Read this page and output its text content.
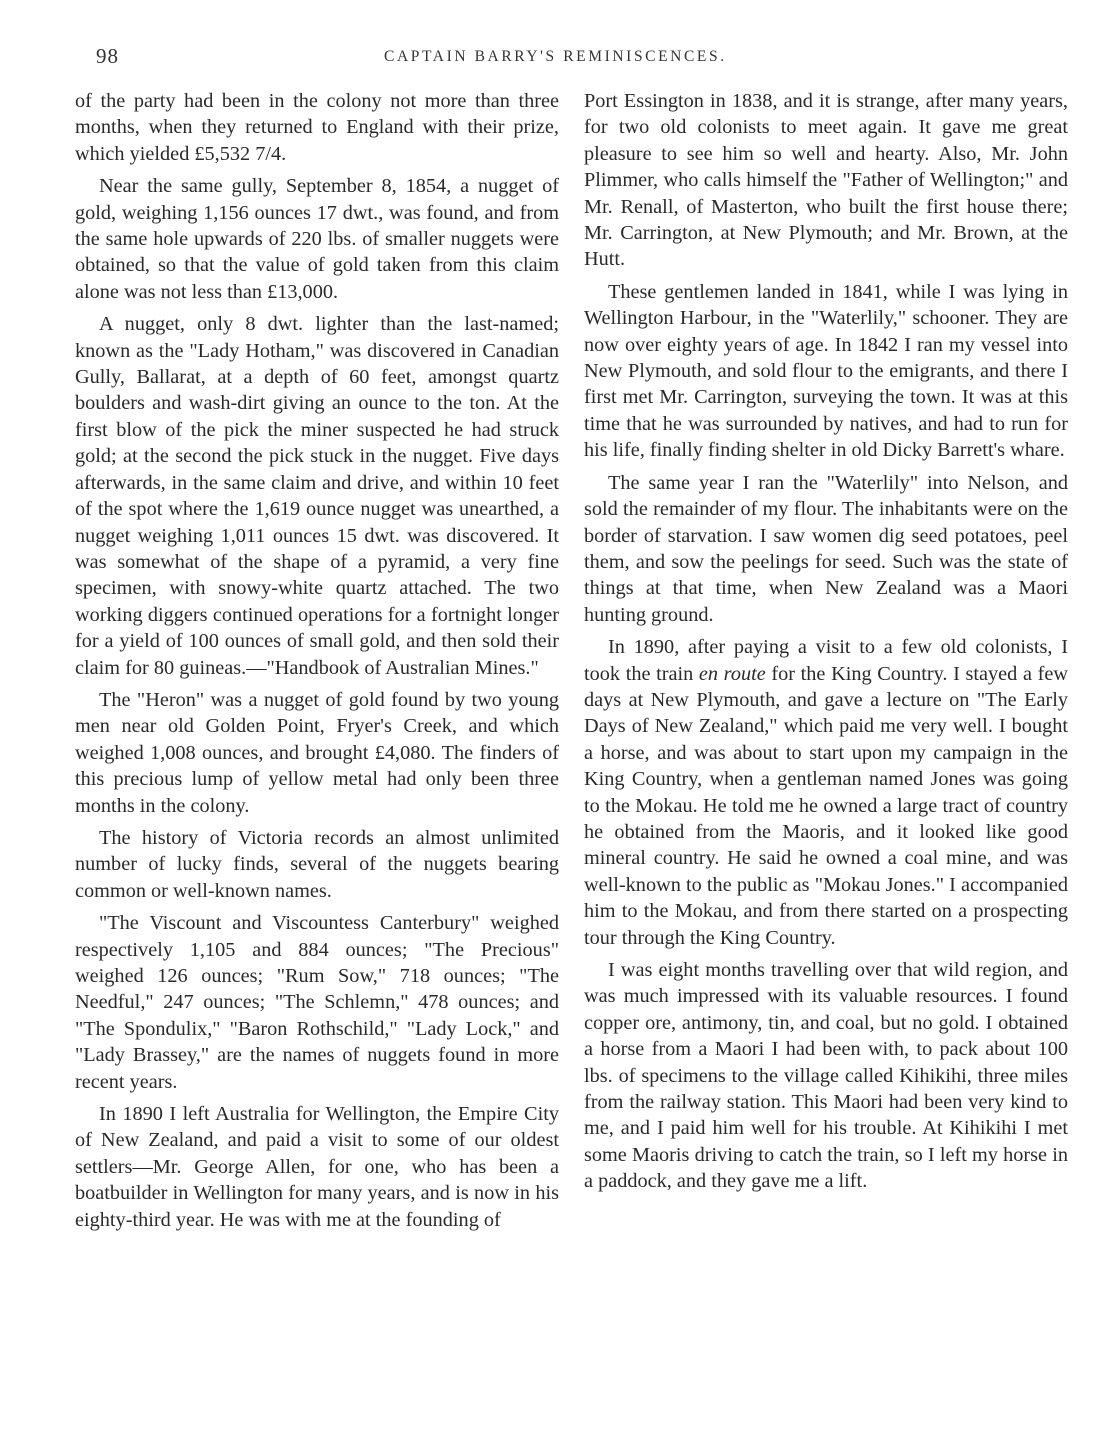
98	CAPTAIN BARRY'S REMINISCENCES.

of the party had been in the colony not more than three months, when they returned to England with their prize, which yielded £5,532 7/4.

Near the same gully, September 8, 1854, a nugget of gold, weighing 1,156 ounces 17 dwt., was found, and from the same hole upwards of 220 lbs. of smaller nuggets were obtained, so that the value of gold taken from this claim alone was not less than £13,000.

A nugget, only 8 dwt. lighter than the last-named; known as the "Lady Hotham," was discovered in Canadian Gully, Ballarat, at a depth of 60 feet, amongst quartz boulders and wash-dirt giving an ounce to the ton. At the first blow of the pick the miner suspected he had struck gold; at the second the pick stuck in the nugget. Five days afterwards, in the same claim and drive, and within 10 feet of the spot where the 1,619 ounce nugget was unearthed, a nugget weighing 1,011 ounces 15 dwt. was discovered. It was somewhat of the shape of a pyramid, a very fine specimen, with snowy-white quartz attached. The two working diggers continued operations for a fortnight longer for a yield of 100 ounces of small gold, and then sold their claim for 80 guineas.—"Handbook of Australian Mines."

The "Heron" was a nugget of gold found by two young men near old Golden Point, Fryer's Creek, and which weighed 1,008 ounces, and brought £4,080. The finders of this precious lump of yellow metal had only been three months in the colony.

The history of Victoria records an almost unlimited number of lucky finds, several of the nuggets bearing common or well-known names.

"The Viscount and Viscountess Canterbury" weighed respectively 1,105 and 884 ounces; "The Precious" weighed 126 ounces; "Rum Sow," 718 ounces; "The Needful," 247 ounces; "The Schlemn," 478 ounces; and "The Spondulix," "Baron Rothschild," "Lady Lock," and "Lady Brassey," are the names of nuggets found in more recent years.

In 1890 I left Australia for Wellington, the Empire City of New Zealand, and paid a visit to some of our oldest settlers—Mr. George Allen, for one, who has been a boatbuilder in Wellington for many years, and is now in his eighty-third year. He was with me at the founding of

Port Essington in 1838, and it is strange, after many years, for two old colonists to meet again. It gave me great pleasure to see him so well and hearty. Also, Mr. John Plimmer, who calls himself the "Father of Wellington;" and Mr. Renall, of Masterton, who built the first house there; Mr. Carrington, at New Plymouth; and Mr. Brown, at the Hutt.

These gentlemen landed in 1841, while I was lying in Wellington Harbour, in the "Waterlily," schooner. They are now over eighty years of age. In 1842 I ran my vessel into New Plymouth, and sold flour to the emigrants, and there I first met Mr. Carrington, surveying the town. It was at this time that he was surrounded by natives, and had to run for his life, finally finding shelter in old Dicky Barrett's whare.

The same year I ran the "Waterlily" into Nelson, and sold the remainder of my flour. The inhabitants were on the border of starvation. I saw women dig seed potatoes, peel them, and sow the peelings for seed. Such was the state of things at that time, when New Zealand was a Maori hunting ground.

In 1890, after paying a visit to a few old colonists, I took the train en route for the King Country. I stayed a few days at New Plymouth, and gave a lecture on "The Early Days of New Zealand," which paid me very well. I bought a horse, and was about to start upon my campaign in the King Country, when a gentleman named Jones was going to the Mokau. He told me he owned a large tract of country he obtained from the Maoris, and it looked like good mineral country. He said he owned a coal mine, and was well-known to the public as "Mokau Jones." I accompanied him to the Mokau, and from there started on a prospecting tour through the King Country.

I was eight months travelling over that wild region, and was much impressed with its valuable resources. I found copper ore, antimony, tin, and coal, but no gold. I obtained a horse from a Maori I had been with, to pack about 100 lbs. of specimens to the village called Kihikihi, three miles from the railway station. This Maori had been very kind to me, and I paid him well for his trouble. At Kihikihi I met some Maoris driving to catch the train, so I left my horse in a paddock, and they gave me a lift.
